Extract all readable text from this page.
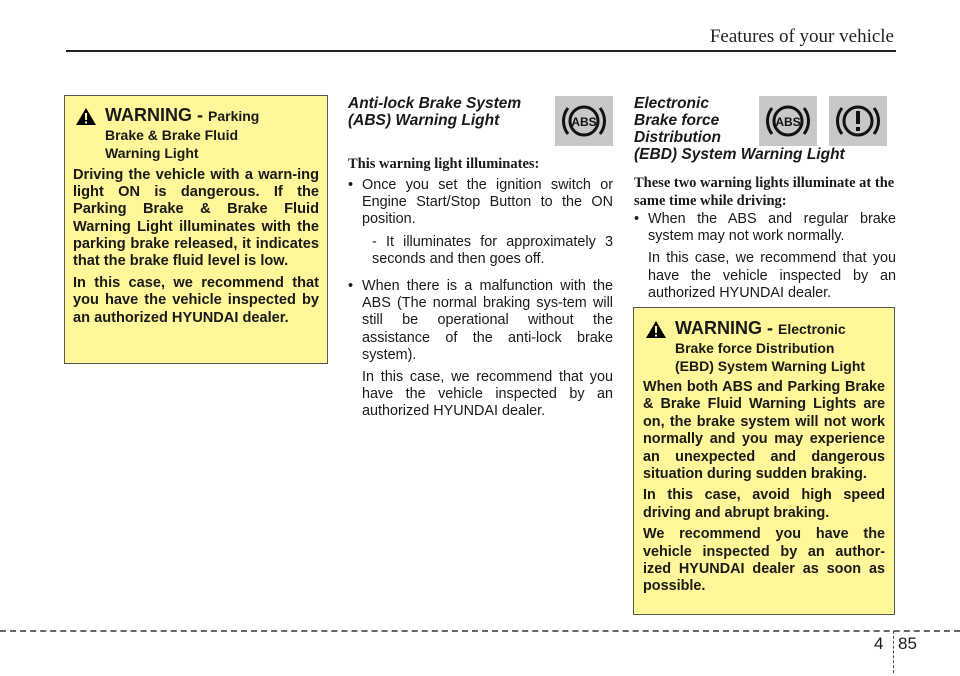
Features of your vehicle
WARNING - Parking
Brake & Brake Fluid
Warning Light

Driving the vehicle with a warn-ing light ON is dangerous. If the Parking Brake & Brake Fluid Warning Light illuminates with the parking brake released, it indicates that the brake fluid level is low.

In this case, we recommend that you have the vehicle inspected by an authorized HYUNDAI dealer.

Anti-lock Brake System
(ABS) Warning Light	ABS
This warning light illuminates:
• Once you set the ignition switch or Engine Start/Stop Button to the ON position.
- It illuminates for approximately 3 seconds and then goes off.
• When there is a malfunction with the ABS (The normal braking sys-tem will still be operational without the assistance of the anti-lock brake system).
In this case, we recommend that you have the vehicle inspected by an authorized HYUNDAI dealer.
Electronic
Brake force
Distribution
(EBD) System Warning Light
ABS
These two warning lights illuminate at the same time while driving:
• When the ABS and regular brake system may not work normally.
In this case, we recommend that you have the vehicle inspected by an authorized HYUNDAI dealer.
WARNING - Electronic
Brake force Distribution
(EBD) System Warning Light

When both ABS and Parking Brake & Brake Fluid Warning Lights are on, the brake system will not work normally and you may experience an unexpected and dangerous situation during sudden braking.

In this case, avoid high speed driving and abrupt braking.

We recommend you have the vehicle inspected by an author-ized HYUNDAI dealer as soon as possible.

4 85
